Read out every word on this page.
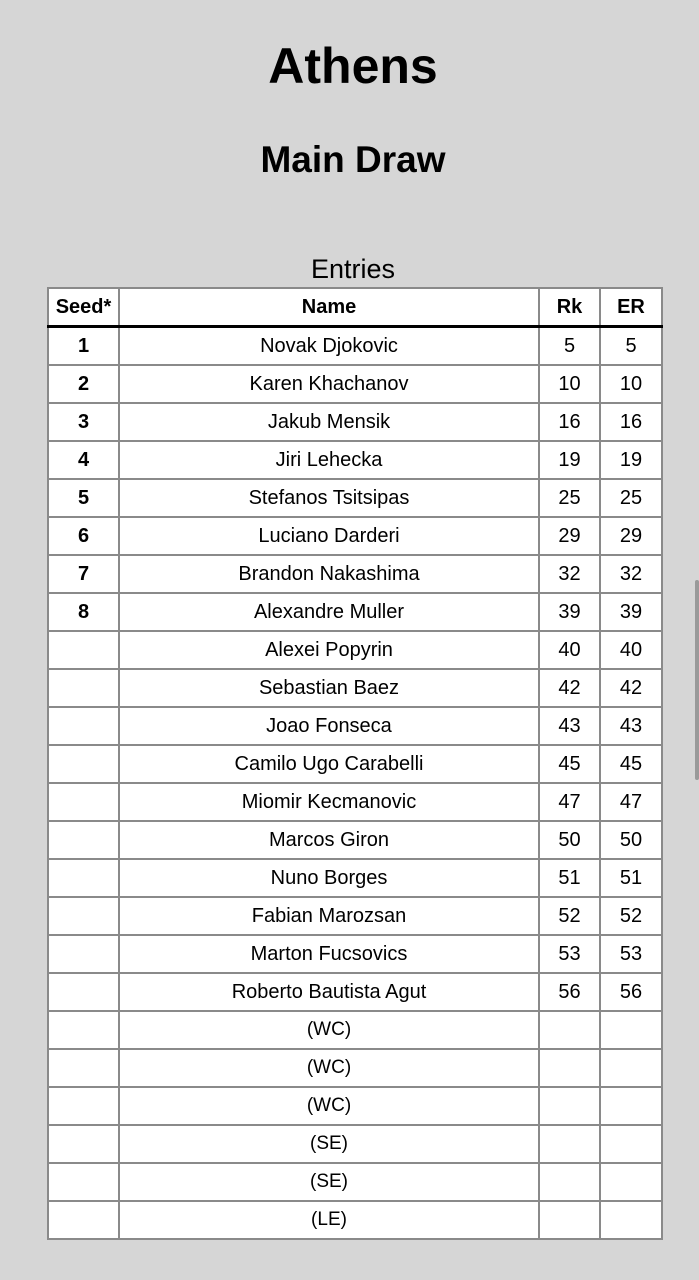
Athens
Main Draw
Entries
Seed*	Name	Rk	ER
1	Novak Djokovic	5	5
2	Karen Khachanov	10	10
3	Jakub Mensik	16	16
4	Jiri Lehecka	19	19
5	Stefanos Tsitsipas	25	25
6	Luciano Darderi	29	29
7	Brandon Nakashima	32	32
8	Alexandre Muller	39	39
	Alexei Popyrin	40	40
	Sebastian Baez	42	42
	Joao Fonseca	43	43
	Camilo Ugo Carabelli	45	45
	Miomir Kecmanovic	47	47
	Marcos Giron	50	50
	Nuno Borges	51	51
	Fabian Marozsan	52	52
	Marton Fucsovics	53	53
	Roberto Bautista Agut	56	56
	(WC)		
	(WC)		
	(WC)		
	(SE)		
	(SE)		
	(LE)		
